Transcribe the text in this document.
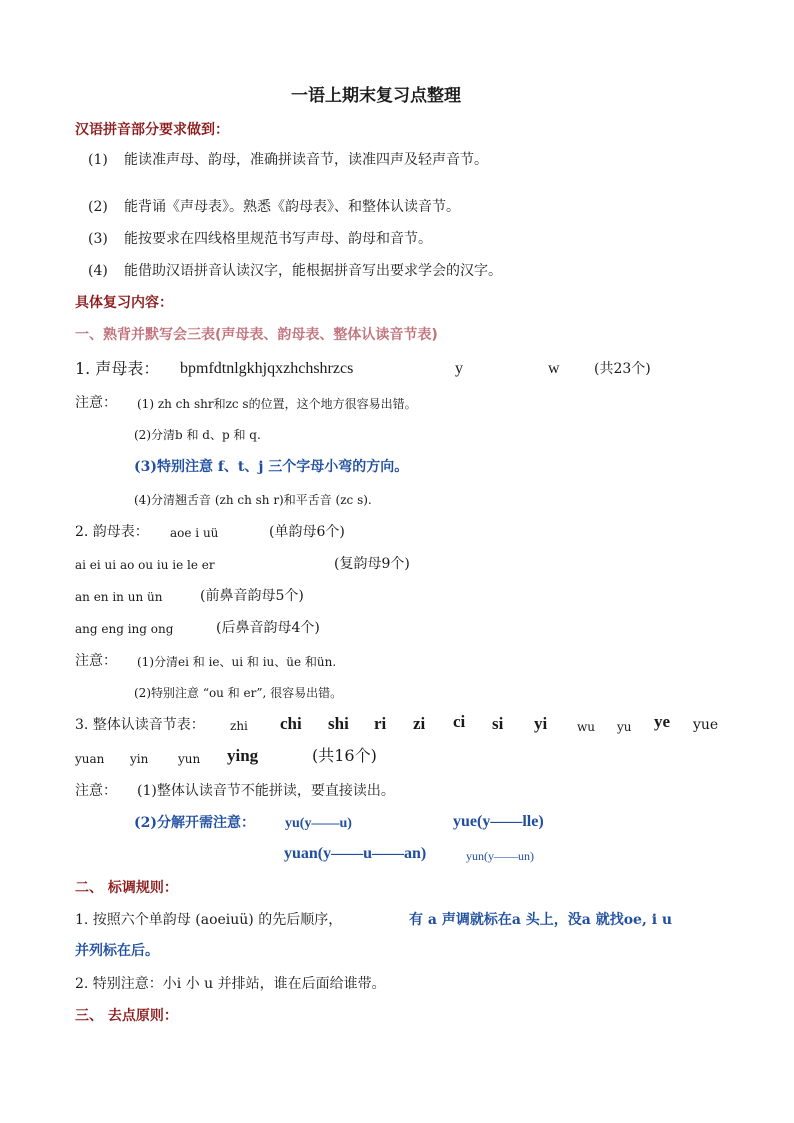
一语上期末复习点整理
汉语拼音部分要求做到：
(1) 能读准声母、韵母，准确拼读音节，读准四声及轻声音节。
(2) 能背诵《声母表》。熟悉《韵母表》、和整体认读音节。
(3) 能按要求在四线格里规范书写声母、韵母和音节。
(4) 能借助汉语拼音认读汉字，能根据拼音写出要求学会的汉字。
具体复习内容：
一、熟背并默写会三表(声母表、韵母表、整体认读音节表)
1. 声母表： bpmfdtnlgkhjqxzhchshrzcs	y	w (共23个)
注意： (1) zh ch shr和zc s的位置，这个地方很容易出错。
(2)分清b 和 d、p 和 q.
(3)特别注意 f、t、j 三个字母小弯的方向。
(4)分清翘舌音 (zh ch sh r)和平舌音 (zc s).
2. 韵母表： aoe i uü	(单韵母6个)
ai ei ui ao ou iu ie le er	(复韵母9个)
an en in un ün	(前鼻音韵母5个)
ang eng ing ong	(后鼻音韵母4个)
注意： (1)分清ei 和 ie、ui 和 iu、üe 和ün.
(2)特别注意 “ou 和 er”, 很容易出错。
3. 整体认读音节表： zhi chi shi ri zi ci si yi wu yu ye yue
yuan yin yun ying	(共16个)
注意： (1)整体认读音节不能拼读，要直接读出。
(2)分解开需注意： yu(y——u)	yue(y——lle)
yuan(y——u——an)	yun(y——un)
二、 标调规则：
1. 按照六个单韵母 (aoeiuü) 的先后顺序，	有 a 声调就标在a 头上，没a 就找oe, i u
并列标在后。
2. 特别注意：小i 小 u 并排站，谁在后面给谁带。
三、 去点原则：
